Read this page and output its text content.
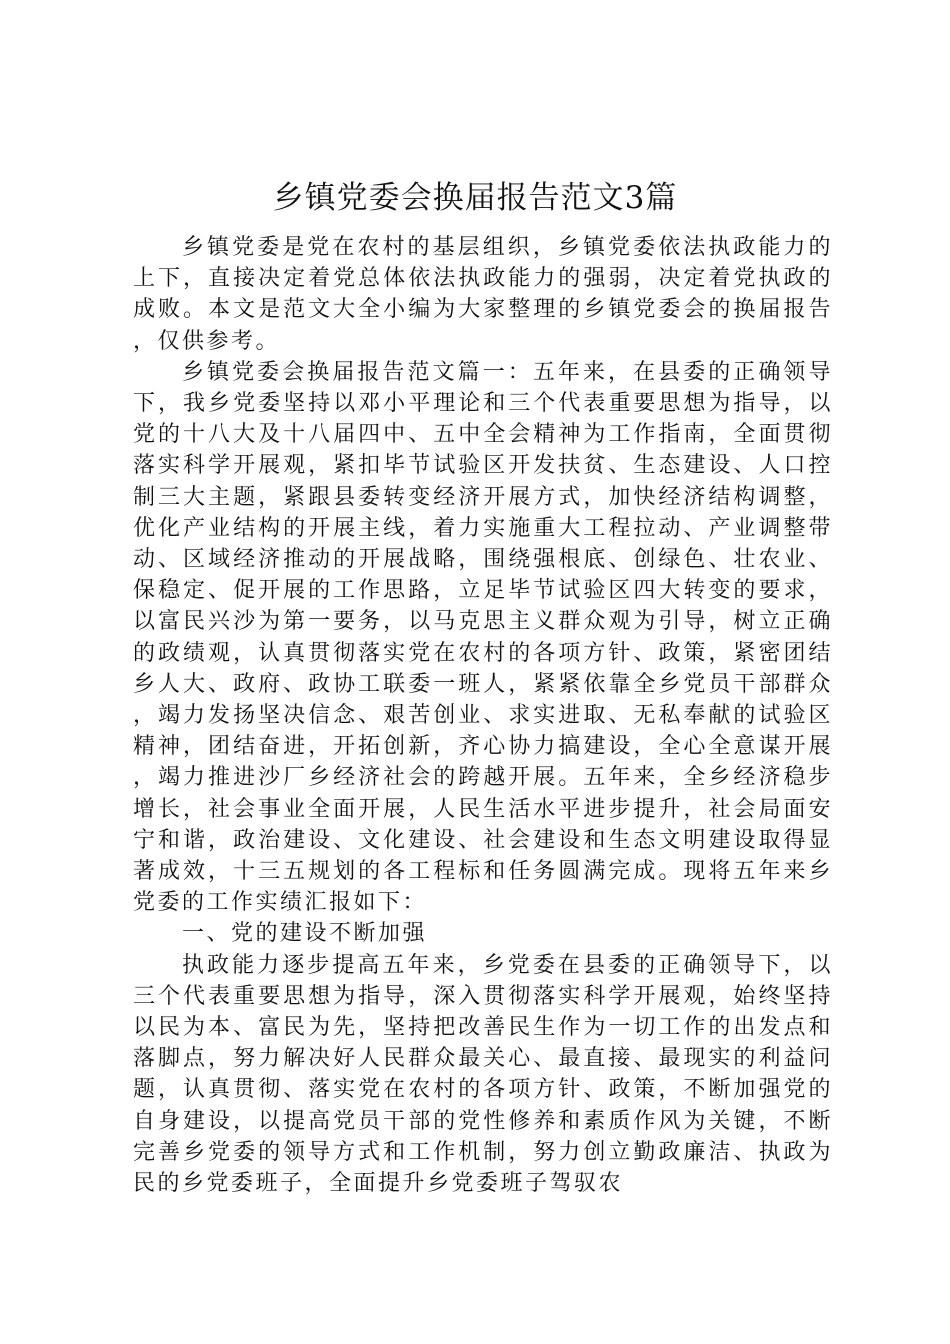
乡镇党委会换届报告范文3篇

乡镇党委是党在农村的基层组织，乡镇党委依法执政能力的上下，直接决定着党总体依法执政能力的强弱，决定着党执政的成败。本文是范文大全小编为大家整理的乡镇党委会的换届报告，仅供参考。

乡镇党委会换届报告范文篇一：五年来，在县委的正确领导下，我乡党委坚持以邓小平理论和三个代表重要思想为指导，以党的十八大及十八届四中、五中全会精神为工作指南，全面贯彻落实科学开展观，紧扣毕节试验区开发扶贫、生态建设、人口控制三大主题，紧跟县委转变经济开展方式，加快经济结构调整，优化产业结构的开展主线，着力实施重大工程拉动、产业调整带动、区域经济推动的开展战略，围绕强根底、创绿色、壮农业、保稳定、促开展的工作思路，立足毕节试验区四大转变的要求，以富民兴沙为第一要务，以马克思主义群众观为引导，树立正确的政绩观，认真贯彻落实党在农村的各项方针、政策，紧密团结乡人大、政府、政协工联委一班人，紧紧依靠全乡党员干部群众，竭力发扬坚决信念、艰苦创业、求实进取、无私奉献的试验区精神，团结奋进，开拓创新，齐心协力搞建设，全心全意谋开展，竭力推进沙厂乡经济社会的跨越开展。五年来，全乡经济稳步增长，社会事业全面开展，人民生活水平进步提升，社会局面安宁和谐，政治建设、文化建设、社会建设和生态文明建设取得显著成效，十三五规划的各工程标和任务圆满完成。现将五年来乡党委的工作实绩汇报如下：

一、党的建设不断加强

执政能力逐步提高五年来，乡党委在县委的正确领导下，以三个代表重要思想为指导，深入贯彻落实科学开展观，始终坚持以民为本、富民为先，坚持把改善民生作为一切工作的出发点和落脚点，努力解决好人民群众最关心、最直接、最现实的利益问题，认真贯彻、落实党在农村的各项方针、政策，不断加强党的自身建设，以提高党员干部的党性修养和素质作风为关键，不断完善乡党委的领导方式和工作机制，努力创立勤政廉洁、执政为民的乡党委班子，全面提升乡党委班子驾驭农
